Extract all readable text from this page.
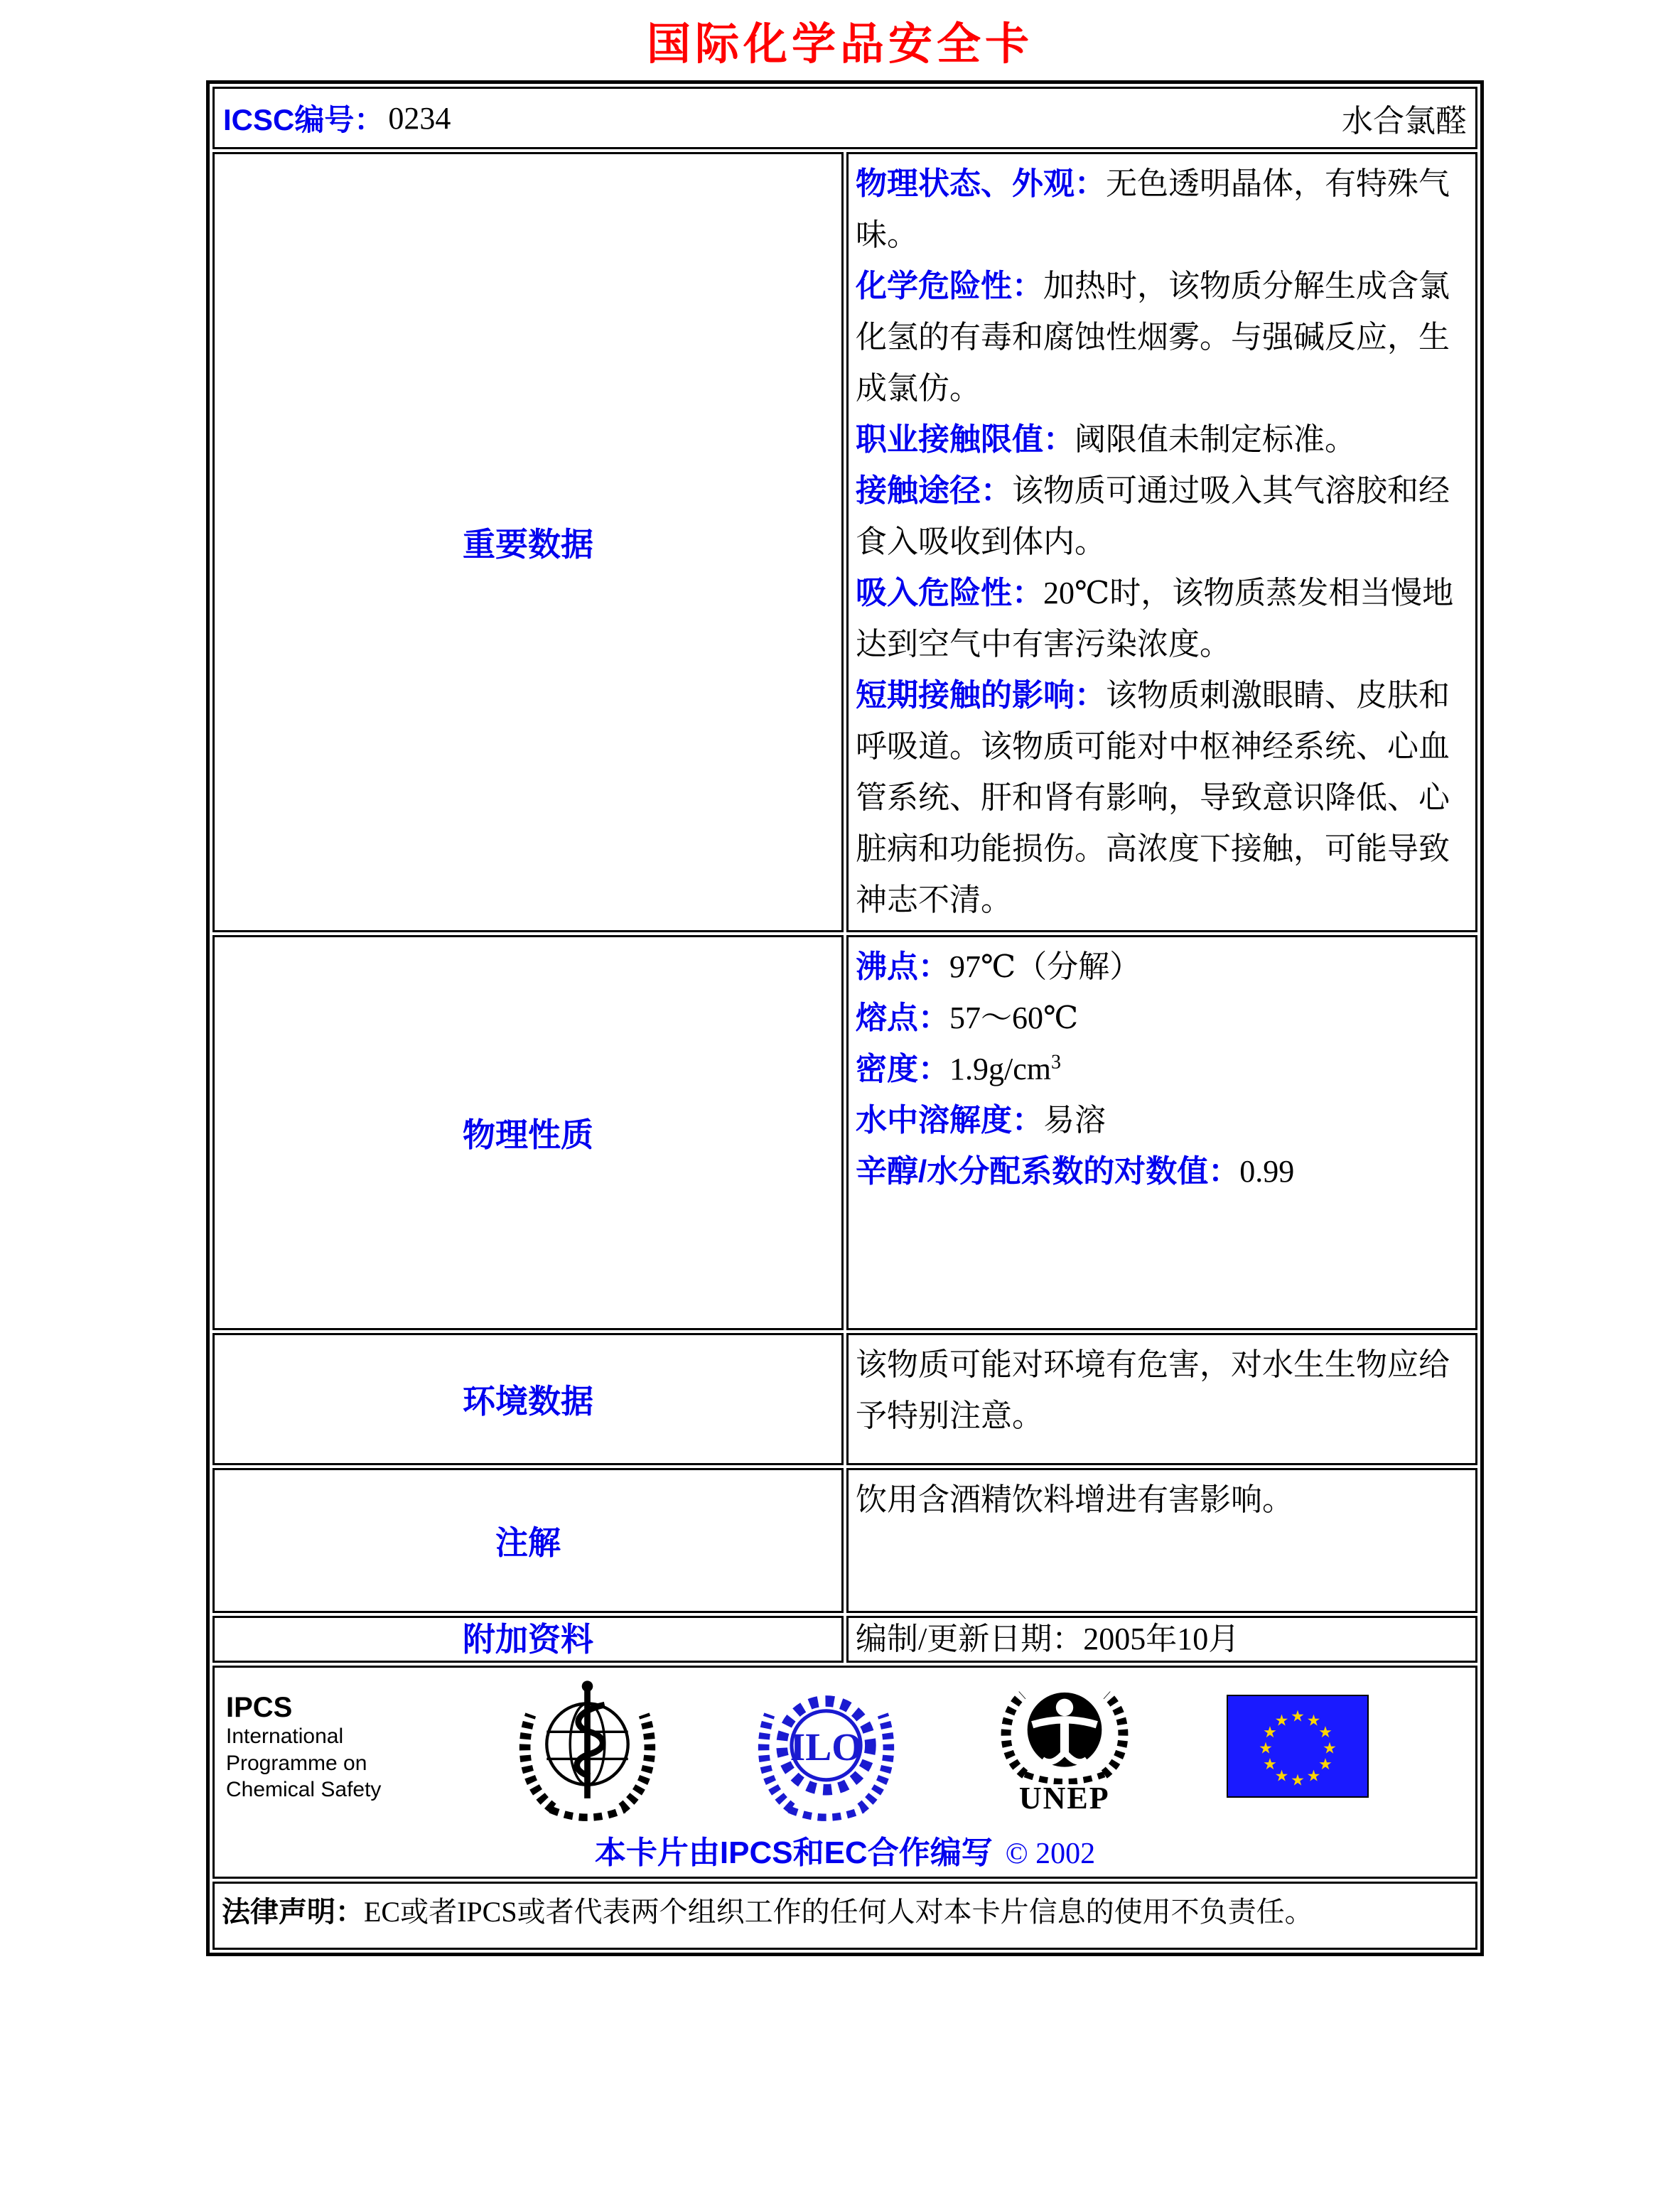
国际化学品安全卡
ICSC编号： 0234 水合氯醛	

重要数据	
物理状态、外观：无色透明晶体，有特殊气味。
化学危险性：加热时，该物质分解生成含氯化氢的有毒和腐蚀性烟雾。与强碱反应，生成氯仿。
职业接触限值：阈限值未制定标准。
接触途径：该物质可通过吸入其气溶胶和经食入吸收到体内。
吸入危险性：20℃时，该物质蒸发相当慢地达到空气中有害污染浓度。
短期接触的影响：该物质刺激眼睛、皮肤和呼吸道。该物质可能对中枢神经系统、心血管系统、肝和肾有影响，导致意识降低、心脏病和功能损伤。高浓度下接触，可能导致神志不清。

物理性质	沸点：97℃（分解）
熔点：57～60℃
密度：$1.9g/cm^3$
水中溶解度：易溶
辛醇/水分配系数的对数值：0.99

环境数据	该物质可能对环境有危害，对水生生物应给予特别注意。

注解	饮用含酒精饮料增进有害影响。

附加资料	编制/更新日期：2005年10月

IPCS
International
Programme on
Chemical Safety
ILO
UNEP
★ ★
★
★
★
★
★
★
★
★
★
★
本卡片由IPCS和EC合作编写 © 2002

法律声明：EC或者IPCS或者代表两个组织工作的任何人对本卡片信息的使用不负责任。	
